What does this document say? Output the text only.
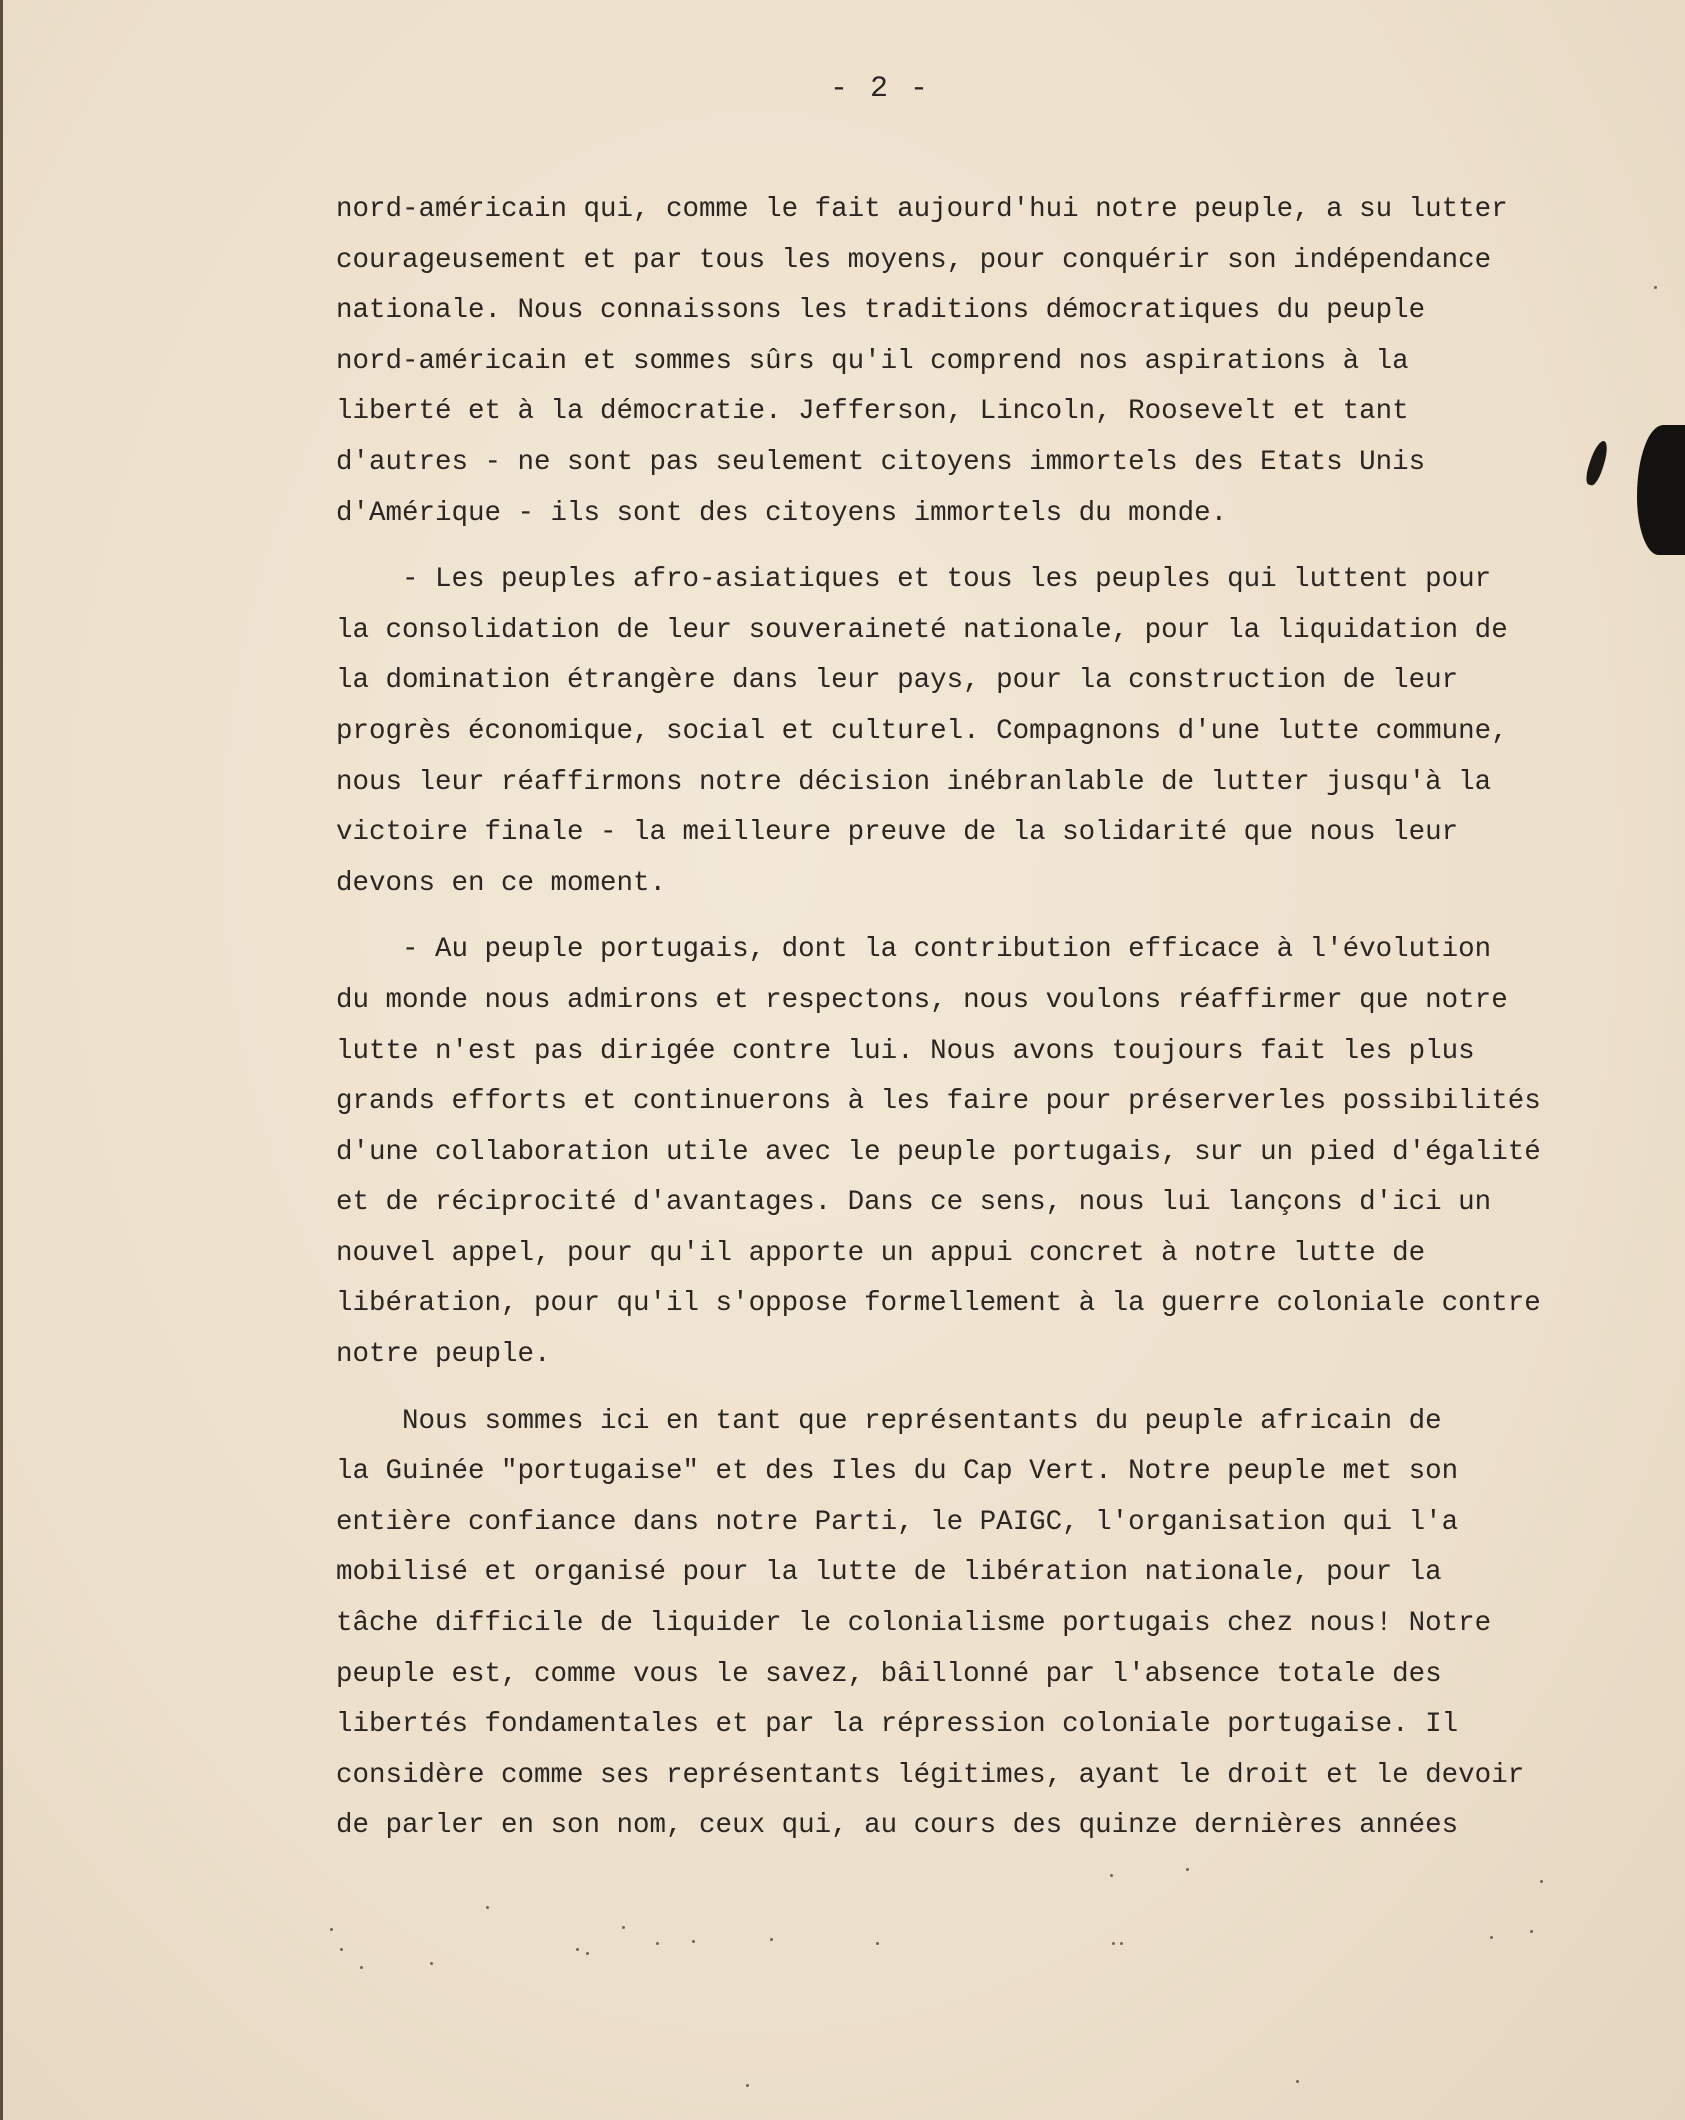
- 2 -
nord-américain qui, comme le fait aujourd'hui notre peuple, a su lutter
courageusement et par tous les moyens, pour conquérir son indépendance
nationale. Nous connaissons les traditions démocratiques du peuple
nord-américain et sommes sûrs qu'il comprend nos aspirations à la
liberté et à la démocratie. Jefferson, Lincoln, Roosevelt et tant
d'autres - ne sont pas seulement citoyens immortels des Etats Unis
d'Amérique - ils sont des citoyens immortels du monde.
- Les peuples afro-asiatiques et tous les peuples qui luttent pour
la consolidation de leur souveraineté nationale, pour la liquidation de
la domination étrangère dans leur pays, pour la construction de leur
progrès économique, social et culturel. Compagnons d'une lutte commune,
nous leur réaffirmons notre décision inébranlable de lutter jusqu'à la
victoire finale - la meilleure preuve de la solidarité que nous leur
devons en ce moment.
- Au peuple portugais, dont la contribution efficace à l'évolution
du monde nous admirons et respectons, nous voulons réaffirmer que notre
lutte n'est pas dirigée contre lui. Nous avons toujours fait les plus
grands efforts et continuerons à les faire pour préserverles possibilités
d'une collaboration utile avec le peuple portugais, sur un pied d'égalité
et de réciprocité d'avantages. Dans ce sens, nous lui lançons d'ici un
nouvel appel, pour qu'il apporte un appui concret à notre lutte de
libération, pour qu'il s'oppose formellement à la guerre coloniale contre
notre peuple.
Nous sommes ici en tant que représentants du peuple africain de
la Guinée "portugaise" et des Iles du Cap Vert. Notre peuple met son
entière confiance dans notre Parti, le PAIGC, l'organisation qui l'a
mobilisé et organisé pour la lutte de libération nationale, pour la
tâche difficile de liquider le colonialisme portugais chez nous! Notre
peuple est, comme vous le savez, bâillonné par l'absence totale des
libertés fondamentales et par la répression coloniale portugaise. Il
considère comme ses représentants légitimes, ayant le droit et le devoir
de parler en son nom, ceux qui, au cours des quinze dernières années
